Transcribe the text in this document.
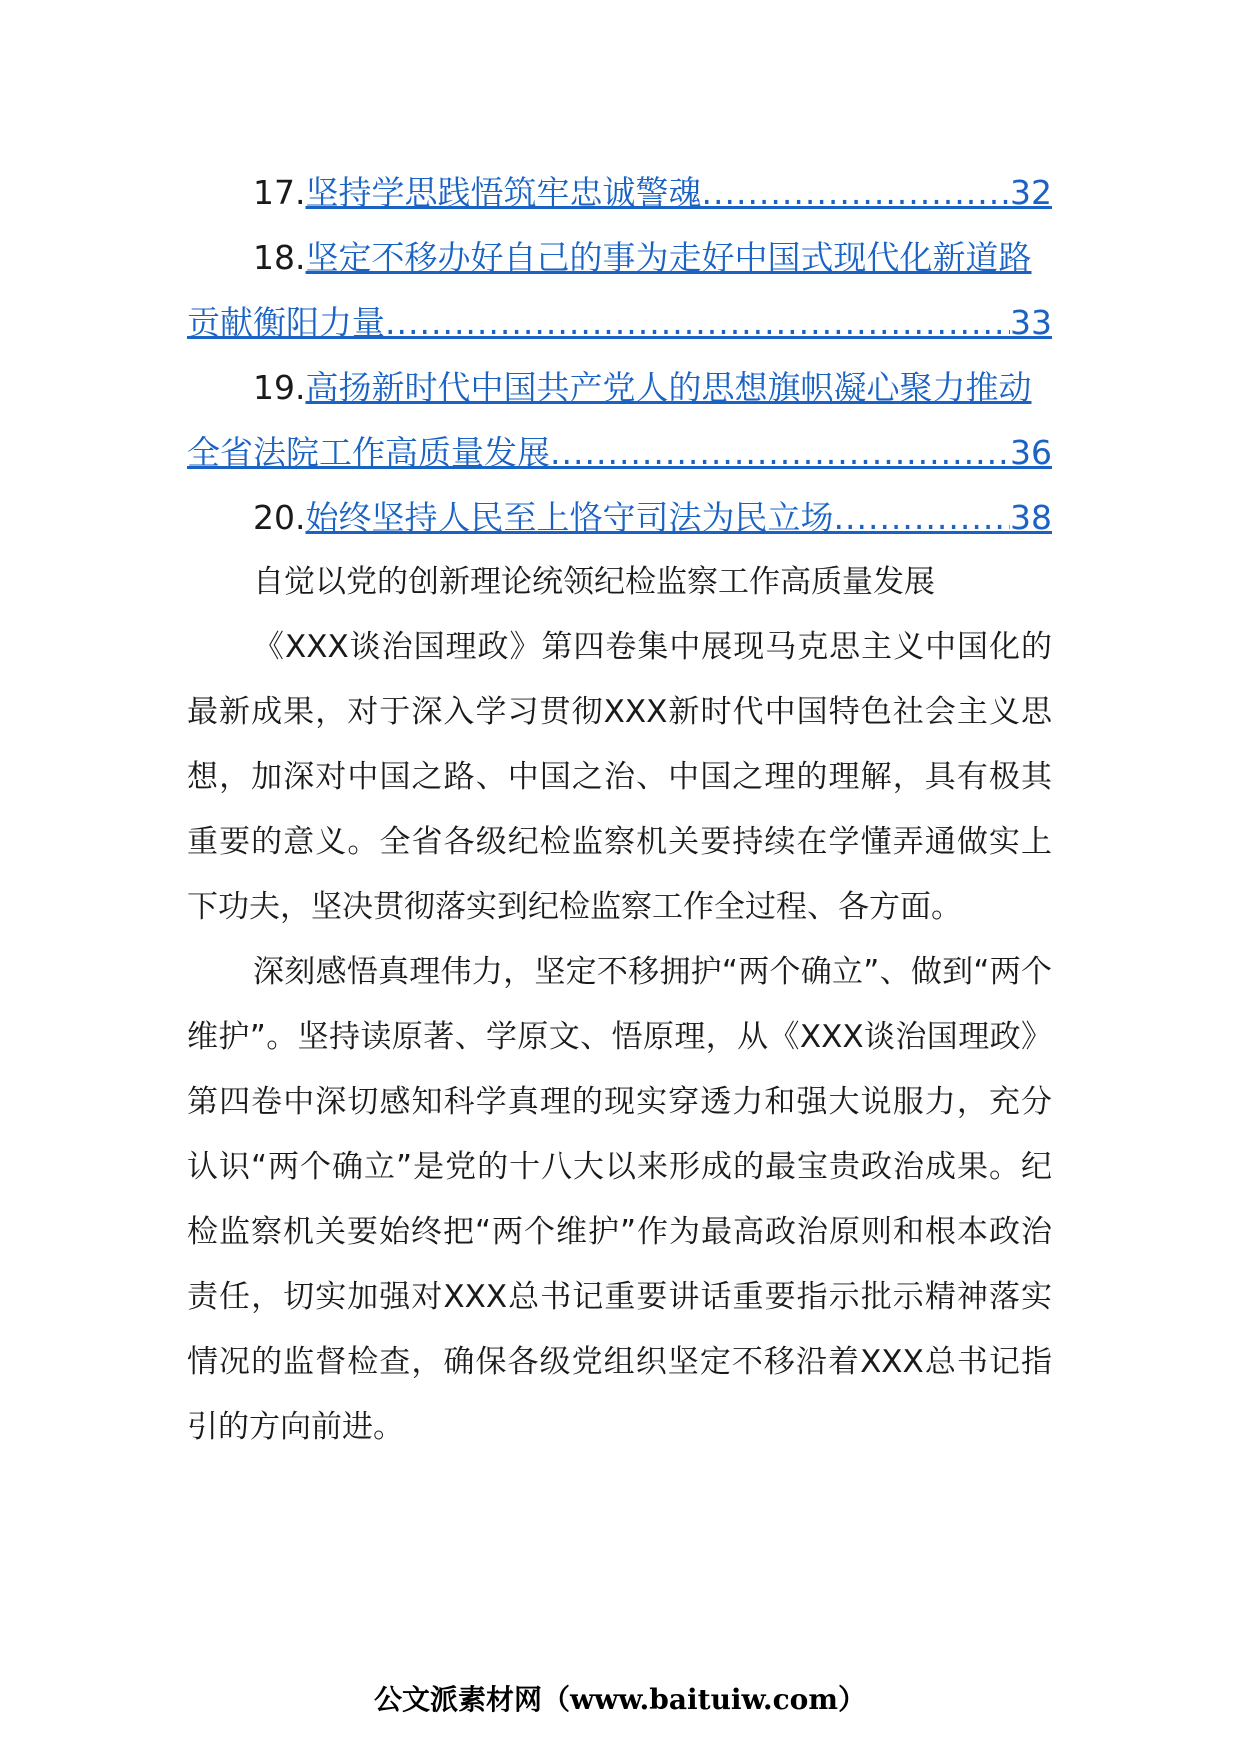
17. 坚持学思践悟筑牢忠诚警魂 .....	32
18. 坚定不移办好自己的事为走好中国式现代化新道路
贡献衡阳力量 .....	33
19. 高扬新时代中国共产党人的思想旗帜凝心聚力推动
全省法院工作高质量发展 .....	36
20. 始终坚持人民至上恪守司法为民立场 .....	38
自觉以党的创新理论统领纪检监察工作高质量发展

《XXX谈治国理政》第四卷集中展现马克思主义中国化的最新成果，对于深入学习贯彻XXX新时代中国特色社会主义思想，加深对中国之路、中国之治、中国之理的理解，具有极其重要的意义。全省各级纪检监察机关要持续在学懂弄通做实上下功夫，坚决贯彻落实到纪检监察工作全过程、各方面。

深刻感悟真理伟力，坚定不移拥护“两个确立”、做到“两个维护”。坚持读原著、学原文、悟原理，从《XXX谈治国理政》第四卷中深切感知科学真理的现实穿透力和强大说服力，充分认识“两个确立”是党的十八大以来形成的最宝贵政治成果。纪检监察机关要始终把“两个维护”作为最高政治原则和根本政治责任，切实加强对XXX总书记重要讲话重要指示批示精神落实情况的监督检查，确保各级党组织坚定不移沿着XXX总书记指引的方向前进。

公文派素材网（www.baituiw.com）
